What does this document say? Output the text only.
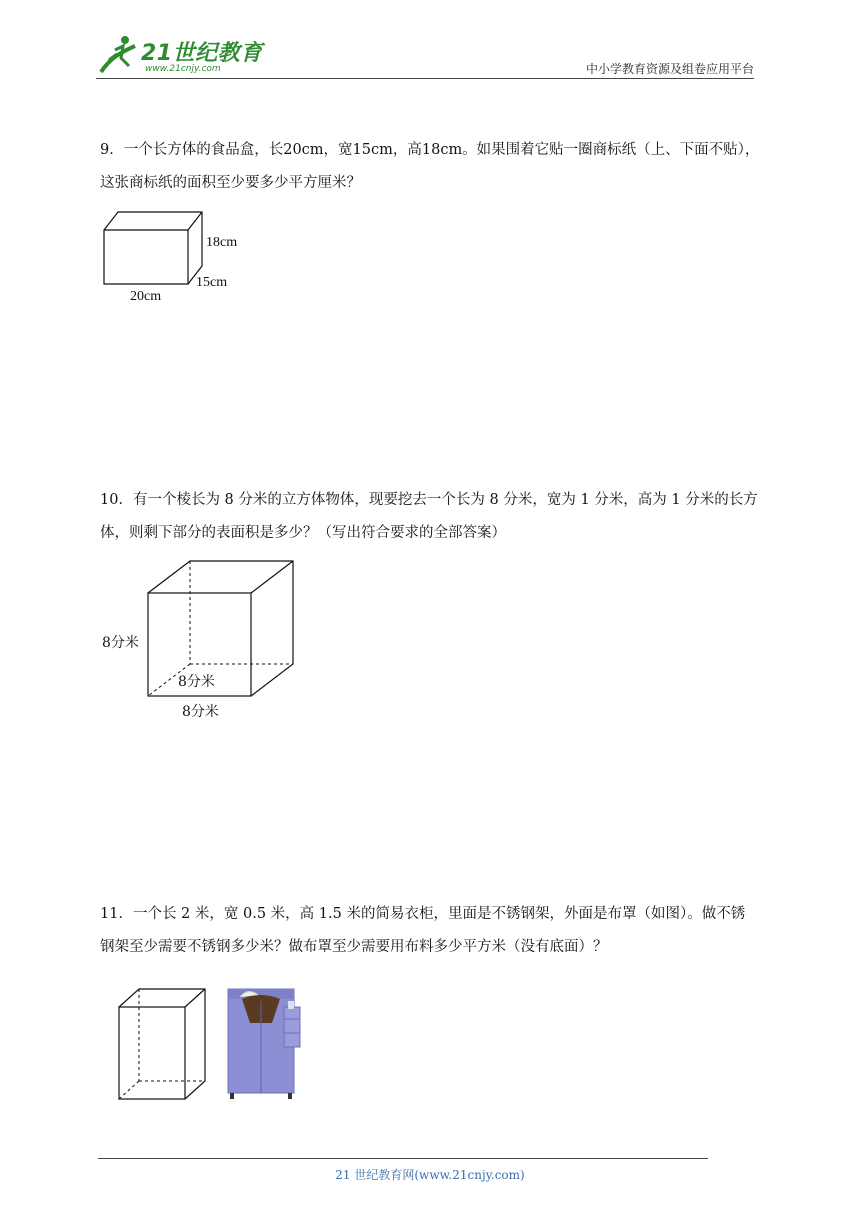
21世纪教育
www.21cnjy.com	中小学教育资源及组卷应用平台
9．一个长方体的食品盒，长20cm，宽15cm，高18cm。如果围着它贴一圈商标纸（上、下面不贴），
这张商标纸的面积至少要多少平方厘米？
18cm
15cm
20cm
10．有一个棱长为 8 分米的立方体物体，现要挖去一个长为 8 分米，宽为 1 分米，高为 1 分米的长方
体，则剩下部分的表面积是多少？（写出符合要求的全部答案）
8分米
8分米
8分米
11．一个长 2 米，宽 0.5 米，高 1.5 米的简易衣柜，里面是不锈钢架，外面是布罩（如图）。做不锈
钢架至少需要不锈钢多少米？做布罩至少需要用布料多少平方米（没有底面）？
21 世纪教育网(www.21cnjy.com)
